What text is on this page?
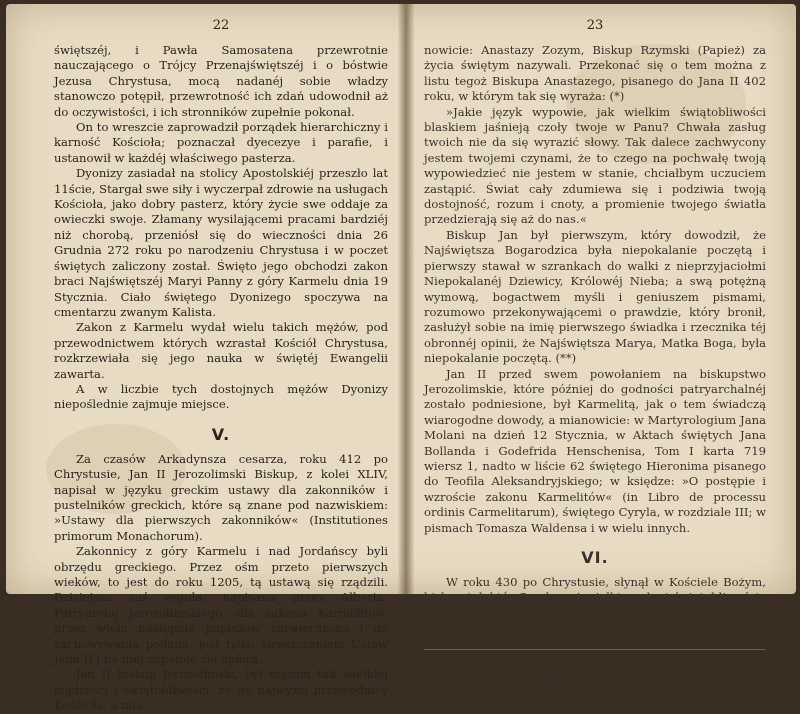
22

świętszéj, i Pawła Samosatena przewrotnie nauczającego o Trójcy Przenajświętszéj i o bóstwie Jezusa Chrystusa, mocą nadanéj sobie władzy stanowczo potępił, przewrotność ich zdań udowodnił aż do oczywistości, i ich stronników zupełnie pokonał.

On to wreszcie zaprowadził porządek hierarchiczny i karność Kościoła; poznaczał dyecezye i parafie, i ustanowił w każdéj właściwego pasterza.

Dyonizy zasiadał na stolicy Apostolskiéj przeszło lat 11ście, Stargał swe siły i wyczerpał zdrowie na usługach Kościoła, jako dobry pasterz, który życie swe oddaje za owieczki swoje. Złamany wysilającemi pracami bardziéj niż chorobą, przeniósł się do wieczności dnia 26 Grudnia 272 roku po narodzeniu Chrystusa i w poczet świętych zaliczony został. Święto jego obchodzi zakon braci Najświętszéj Maryi Panny z góry Karmelu dnia 19 Stycznia. Ciało świętego Dyonizego spoczywa na cmentarzu zwanym Kalista.

Zakon z Karmelu wydał wielu takich mężów, pod przewodnictwem których wzrastał Kościół Chrystusa, rozkrzewiała się jego nauka w świętéj Ewangelii zawarta.

A w liczbie tych dostojnych mężów Dyonizy niepoślednie zajmuje miejsce.

V.

Za czasów Arkadynsza cesarza, roku 412 po Chrystusie, Jan II Jerozolimski Biskup, z kolei XLIV, napisał w języku greckim ustawy dla zakonników i pustelników greckich, które są znane pod nazwiskiem: »Ustawy dla pierwszych zakonników« (Institutiones primorum Monachorum).

Zakonnicy z góry Karmelu i nad Jordańscy byli obrzędu greckiego. Przez ośm przeto pierwszych wieków, to jest do roku 1205, tą ustawą się rządzili. Dzisiejsza zaś reguła, napisana przez Alberta, Patryarchę Jerozolimskiego, dla zakonu Karmelitów, przez wielu następnie papieżów zatwierdzona i do zachowywania podana, jest tylko streszczeniem Ustaw Jana II i na niéj zupełnie się opiera.

Jan II biskup Jerozolimski, był mężem tak wielkiéj mądrości i świątobliwości, że go najwyżsi przewodnicy Kościoła, a mia-

23

nowicie: Anastazy Zozym, Biskup Rzymski (Papież) za życia świętym nazywali. Przekonać się o tem można z listu tegoż Biskupa Anastazego, pisanego do Jana II 402 roku, w którym tak się wyraża: (*)

»Jakie język wypowie, jak wielkim świątobliwości blaskiem jaśnieją czoły twoje w Panu? Chwała zasług twoich nie da się wyrazić słowy. Tak dalece zachwycony jestem twojemi czynami, że to czego na pochwałę twoją wypowiedzieć nie jestem w stanie, chciałbym uczuciem zastąpić. Świat cały zdumiewa się i podziwia twoją dostojność, rozum i cnoty, a promienie twojego światła przedzierają się aż do nas.«

Biskup Jan był pierwszym, który dowodził, że Najświętsza Bogarodzica była niepokalanie poczętą i pierwszy stawał w szrankach do walki z nieprzyjaciołmi Niepokalanéj Dziewicy, Królowéj Nieba; a swą potężną wymową, bogactwem myśli i geniuszem pismami, rozumowo przekonywającemi o prawdzie, który bronił, zasłużył sobie na imię pierwszego świadka i rzecznika téj obronnéj opinii, że Najświętsza Marya, Matka Boga, była niepokalanie poczętą. (**)

Jan II przed swem powołaniem na biskupstwo Jerozolimskie, które później do godności patryarchalnéj zostało podniesione, był Karmelitą, jak o tem świadczą wiarogodne dowody, a mianowicie: w Martyrologium Jana Molani na dzień 12 Stycznia, w Aktach świętych Jana Bollanda i Godefrida Henschenisa, Tom I karta 719 wiersz 1, nadto w liście 62 świętego Hieronima pisanego do Teofila Aleksandryjskiego; w księdze: »O postępie i wzroście zakonu Karmelitów« (in Libro de processu ordinis Carmelitarum), świętego Cyryla, w rozdziale III; w pismach Tomasza Waldensa i w wielu innych.

VI.

W roku 430 po Chrystusie, słynął w Kościele Bożym, biskup i doktór Cyryl, mąż wielki nauką i świątobliwością życia. Urodzony w Aleksandryi ze znakomitego domu, z rodziców

(*) Czytamy o tem w dziełach Ŝgo Hieronima Tom IX Serja II.

(**) W Traktacie o Niepokalanem poczęciu Najświętszéj Maryi Panny Ferdynanda Quirina Salazar.
